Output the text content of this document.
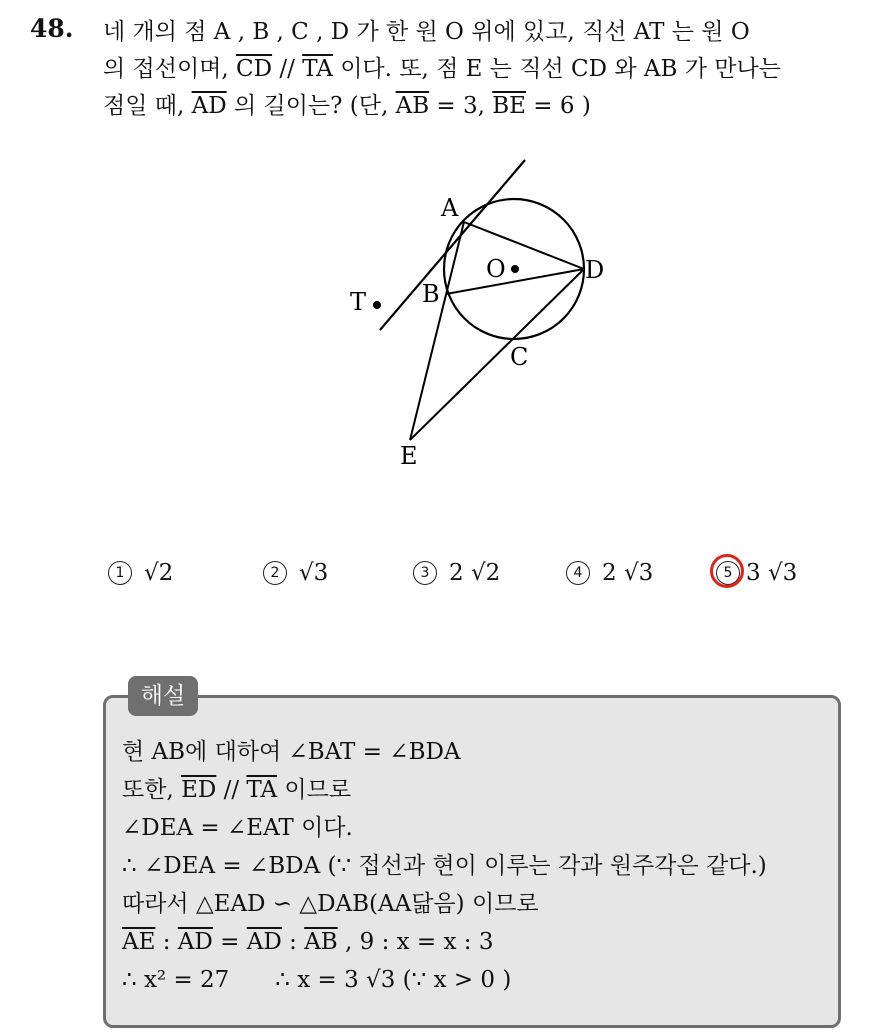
48. 네 개의 점 A , B , C , D 가 한 원 O 위에 있고, 직선 AT 는 원 O
의 접선이며, $\overline{CD} // \overline{TA}$ 이다. 또, 점 E 는 직선 CD 와 AB 가 만나는
점일 때, $\overline{AD}$ 의 길이는? (단, $\overline{AB} = 3$, $\overline{BE} = 6$ )
A
B
C
D
E
O
T
1 √2	2 √3	3 2 √2	4 2 √3	5 3 √3
해설
현 AB에 대하여 ∠BAT = ∠BDA
또한, $\overline{ED} // \overline{TA}$ 이므로
∠DEA = ∠EAT 이다.
∴ ∠DEA = ∠BDA (∵ 접선과 현이 이루는 각과 원주각은 같다.)
따라서 △EAD ∽ △DAB(AA닮음) 이므로
$\overline{AE}$ : $\overline{AD} = \overline{AD}$ : $\overline{AB}$ , 9 : x = x : 3
∴ x² = 27 ∴ x = 3 √3 (∵ x > 0 )
